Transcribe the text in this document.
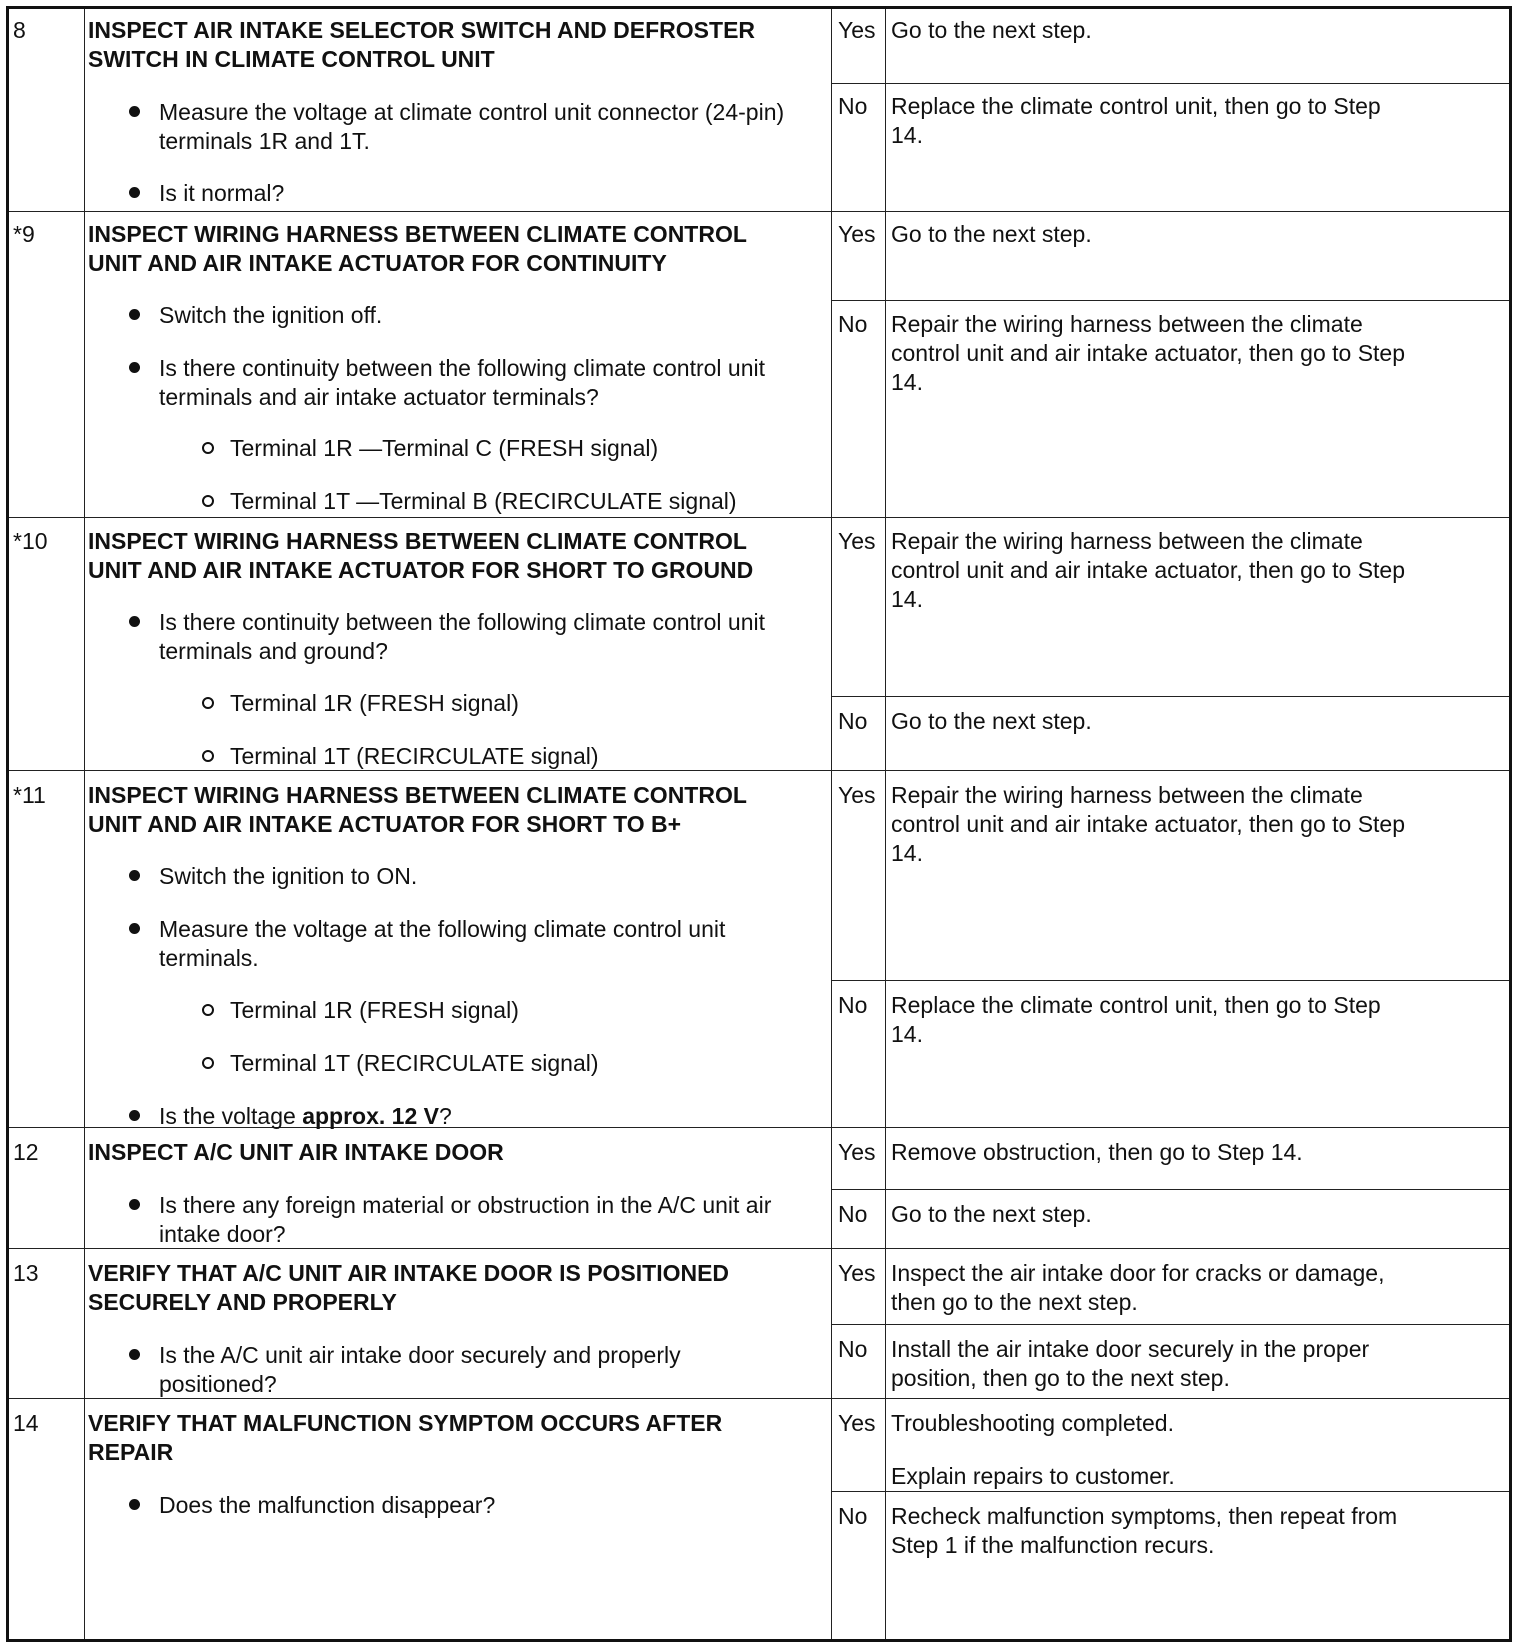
8	INSPECT AIR INTAKE SELECTOR SWITCH AND DEFROSTER
SWITCH IN CLIMATE CONTROL UNIT
Measure the voltage at climate control unit connector (24-pin)
terminals 1R and 1T.
Is it normal?
Yes Go to the next step.
No Replace the climate control unit, then go to Step
14.
*9 INSPECT WIRING HARNESS BETWEEN CLIMATE CONTROL
UNIT AND AIR INTAKE ACTUATOR FOR CONTINUITY
Switch the ignition off.
Is there continuity between the following climate control unit
terminals and air intake actuator terminals?
Terminal 1R —Terminal C (FRESH signal)
Terminal 1T —Terminal B (RECIRCULATE signal)
Yes Go to the next step.
No Repair the wiring harness between the climate
control unit and air intake actuator, then go to Step
14.
*10 INSPECT WIRING HARNESS BETWEEN CLIMATE CONTROL
UNIT AND AIR INTAKE ACTUATOR FOR SHORT TO GROUND
Is there continuity between the following climate control unit
terminals and ground?
Terminal 1R (FRESH signal)
Terminal 1T (RECIRCULATE signal)
Yes Repair the wiring harness between the climate
control unit and air intake actuator, then go to Step
14.
No Go to the next step.
*11 INSPECT WIRING HARNESS BETWEEN CLIMATE CONTROL
UNIT AND AIR INTAKE ACTUATOR FOR SHORT TO B+
Switch the ignition to ON.
Measure the voltage at the following climate control unit
terminals.
Terminal 1R (FRESH signal)
Terminal 1T (RECIRCULATE signal)
Is the voltage approx. 12 V?
Yes Repair the wiring harness between the climate
control unit and air intake actuator, then go to Step
14.
No Replace the climate control unit, then go to Step
14.
12 INSPECT A/C UNIT AIR INTAKE DOOR
Is there any foreign material or obstruction in the A/C unit air
intake door?
Yes Remove obstruction, then go to Step 14.
No Go to the next step.
13 VERIFY THAT A/C UNIT AIR INTAKE DOOR IS POSITIONED
SECURELY AND PROPERLY
Is the A/C unit air intake door securely and properly
positioned?
Yes Inspect the air intake door for cracks or damage,
then go to the next step.
No Install the air intake door securely in the proper
position, then go to the next step.
14 VERIFY THAT MALFUNCTION SYMPTOM OCCURS AFTER
REPAIR
Does the malfunction disappear?
Yes Troubleshooting completed.
Explain repairs to customer.
No Recheck malfunction symptoms, then repeat from
Step 1 if the malfunction recurs.
